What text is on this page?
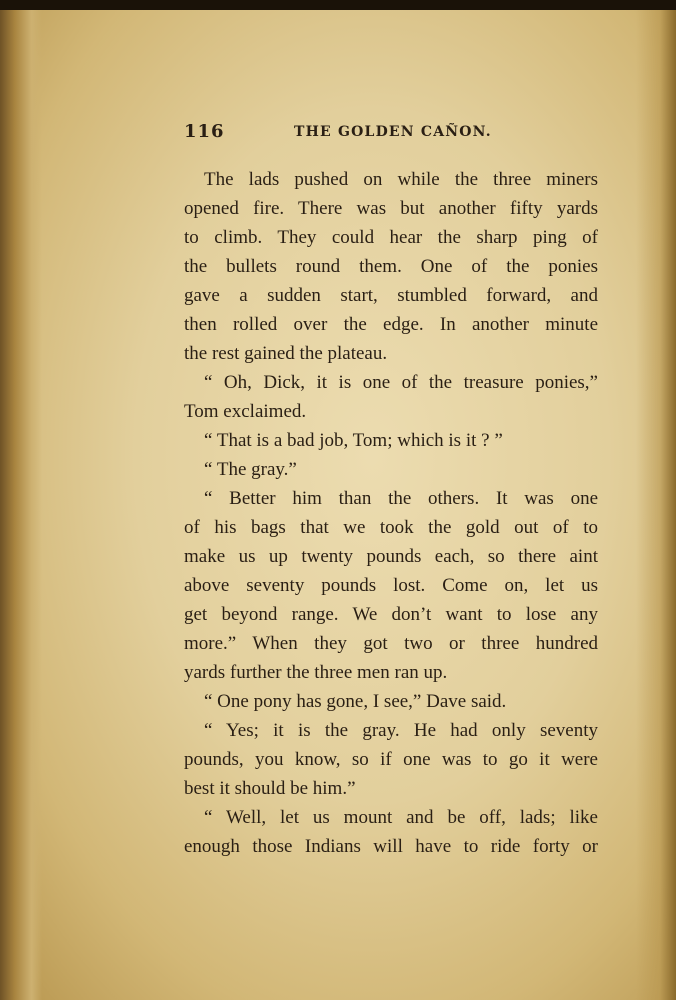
116	THE GOLDEN CAÑON.
The lads pushed on while the three miners
opened fire. There was but another fifty yards
to climb. They could hear the sharp ping of
the bullets round them. One of the ponies
gave a sudden start, stumbled forward, and
then rolled over the edge. In another minute
the rest gained the plateau.
“ Oh, Dick, it is one of the treasure ponies,”
Tom exclaimed.
“ That is a bad job, Tom; which is it ? ”
“ The gray.”
“ Better him than the others. It was one
of his bags that we took the gold out of to
make us up twenty pounds each, so there aint
above seventy pounds lost. Come on, let us
get beyond range. We don’t want to lose any
more.” When they got two or three hundred
yards further the three men ran up.
“ One pony has gone, I see,” Dave said.
“ Yes; it is the gray. He had only seventy
pounds, you know, so if one was to go it were
best it should be him.”
“ Well, let us mount and be off, lads; like
enough those Indians will have to ride forty or
